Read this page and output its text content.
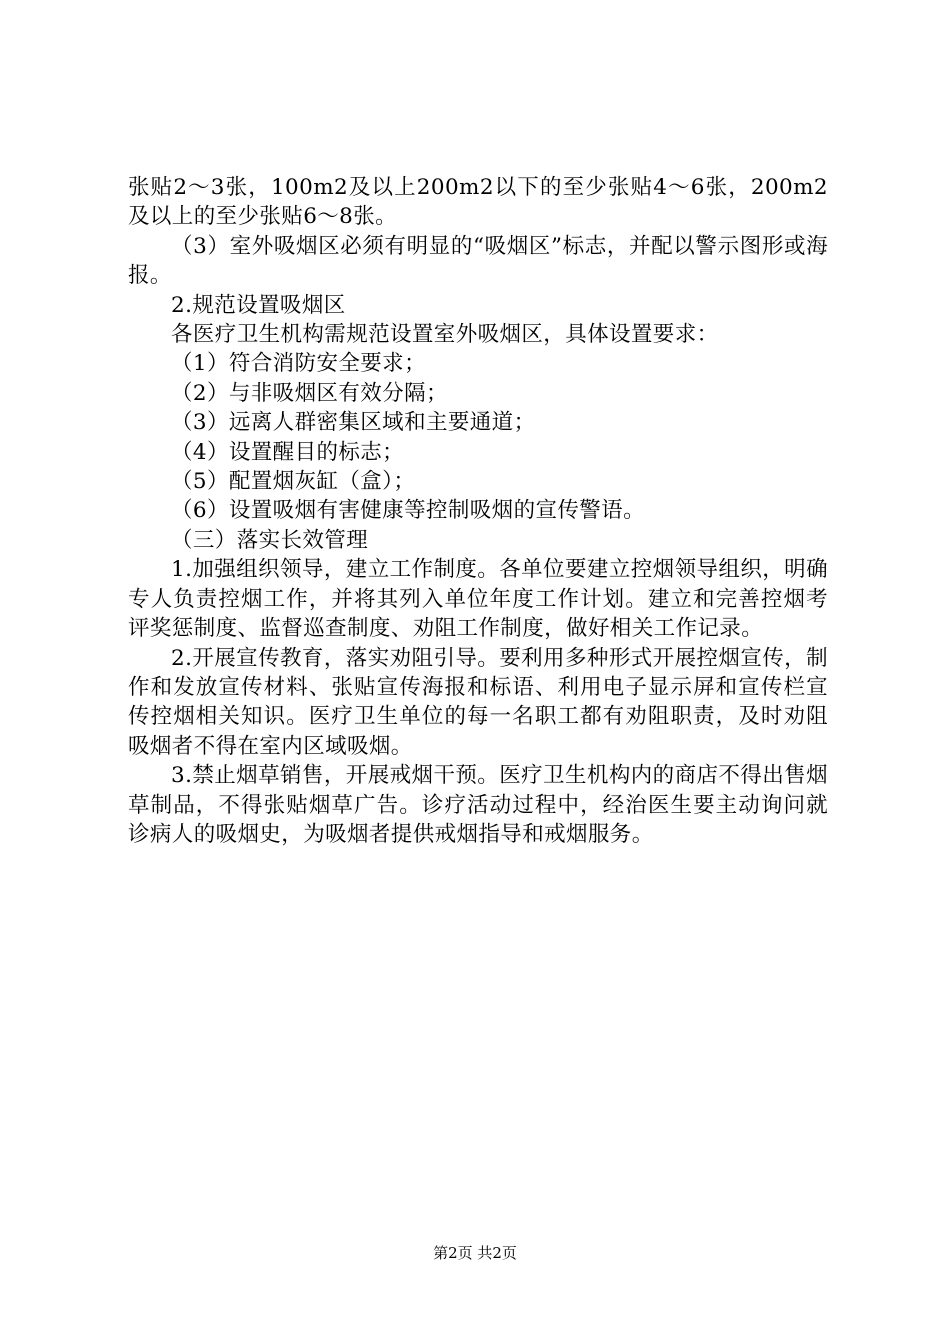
张贴2～3张，100m2及以上200m2以下的至少张贴4～6张，200m2及以上的至少张贴6～8张。

（3）室外吸烟区必须有明显的“吸烟区”标志，并配以警示图形或海报。

2.规范设置吸烟区

各医疗卫生机构需规范设置室外吸烟区，具体设置要求：

（1）符合消防安全要求；

（2）与非吸烟区有效分隔；

（3）远离人群密集区域和主要通道；

（4）设置醒目的标志；

（5）配置烟灰缸（盒）；

（6）设置吸烟有害健康等控制吸烟的宣传警语。

（三）落实长效管理

1.加强组织领导，建立工作制度。各单位要建立控烟领导组织，明确专人负责控烟工作，并将其列入单位年度工作计划。建立和完善控烟考评奖惩制度、监督巡查制度、劝阻工作制度，做好相关工作记录。

2.开展宣传教育，落实劝阻引导。要利用多种形式开展控烟宣传，制作和发放宣传材料、张贴宣传海报和标语、利用电子显示屏和宣传栏宣传控烟相关知识。医疗卫生单位的每一名职工都有劝阻职责，及时劝阻吸烟者不得在室内区域吸烟。

3.禁止烟草销售，开展戒烟干预。医疗卫生机构内的商店不得出售烟草制品，不得张贴烟草广告。诊疗活动过程中，经治医生要主动询问就诊病人的吸烟史，为吸烟者提供戒烟指导和戒烟服务。

第2页 共2页
